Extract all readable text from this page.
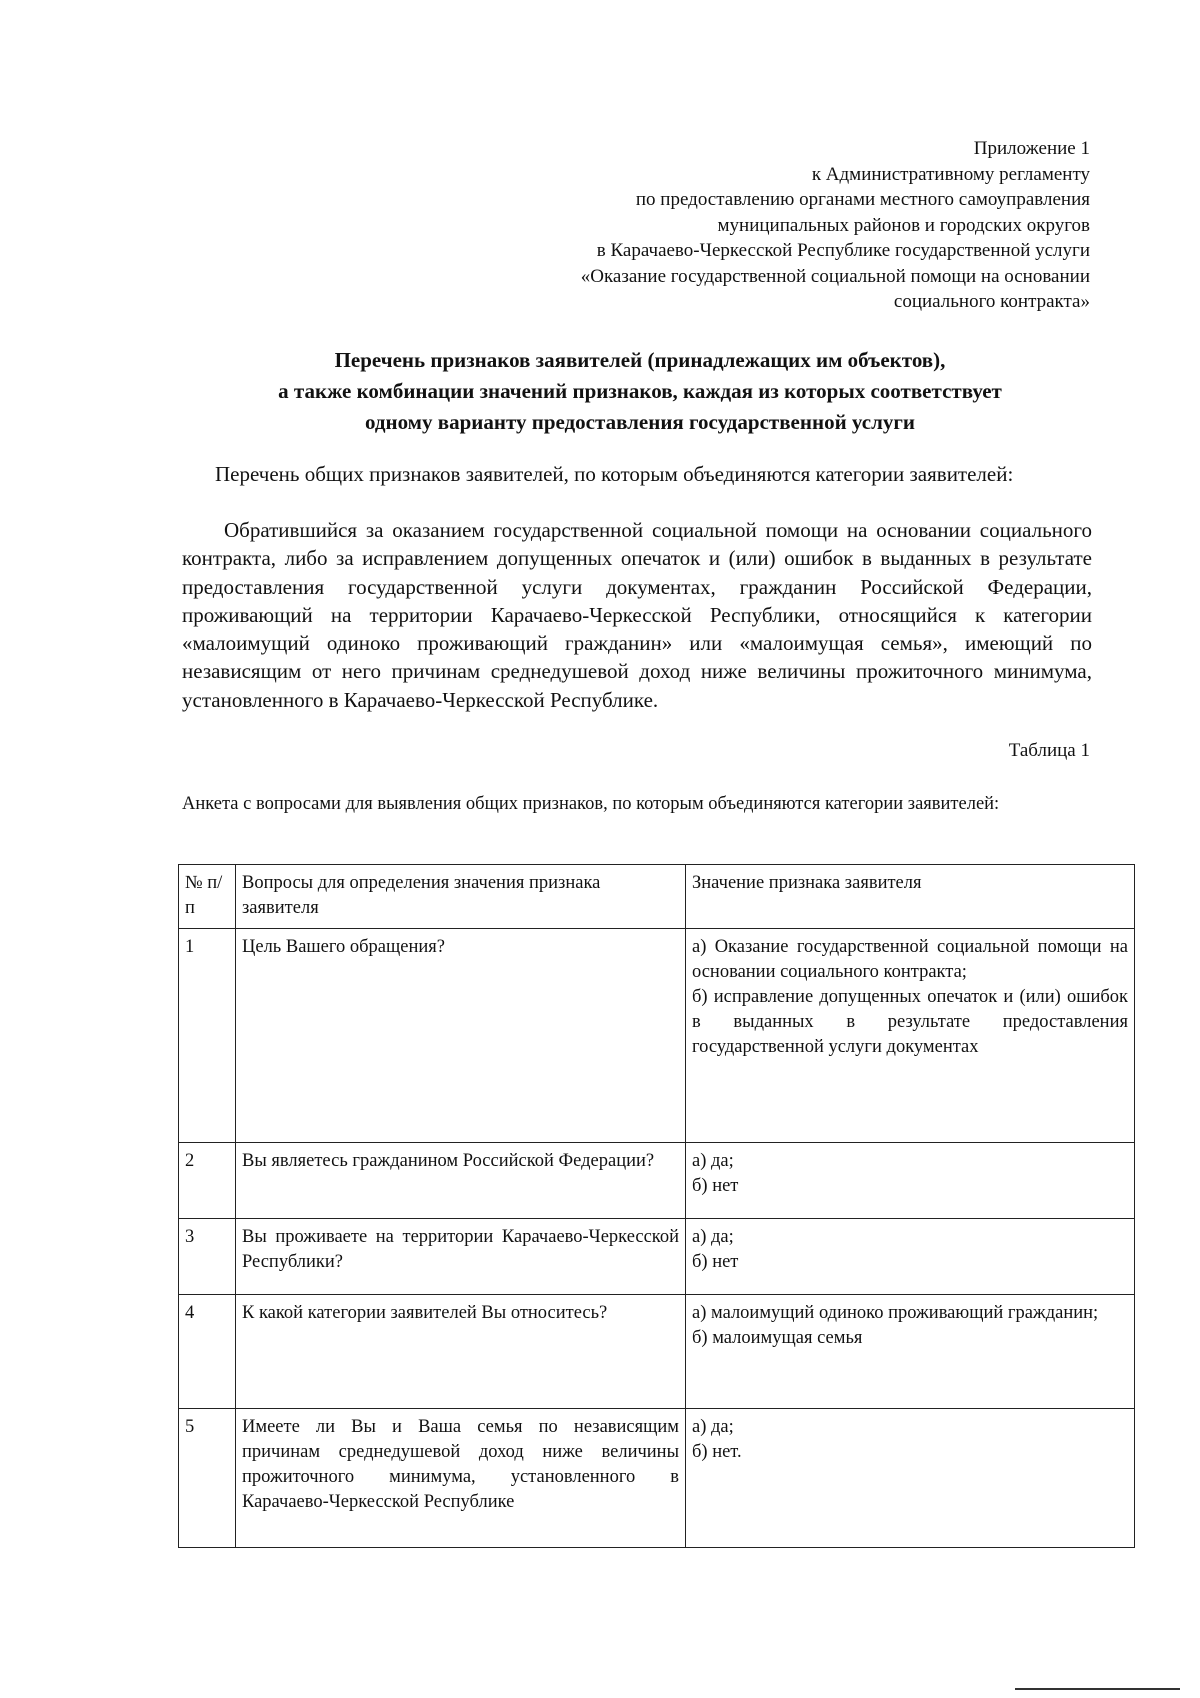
Приложение 1
к Административному регламенту
по предоставлению органами местного самоуправления
муниципальных районов и городских округов
в Карачаево-Черкесской Республике государственной услуги
«Оказание государственной социальной помощи на основании
социального контракта»
Перечень признаков заявителей (принадлежащих им объектов),
а также комбинации значений признаков, каждая из которых соответствует
одному варианту предоставления государственной услуги

Перечень общих признаков заявителей, по которым объединяются категории заявителей:

Обратившийся за оказанием государственной социальной помощи на основании социального контракта, либо за исправлением допущенных опечаток и (или) ошибок в выданных в результате предоставления государственной услуги документах, гражданин Российской Федерации, проживающий на территории Карачаево-Черкесской Республики, относящийся к категории «малоимущий одиноко проживающий гражданин» или «малоимущая семья», имеющий по независящим от него причинам среднедушевой доход ниже величины прожиточного минимума, установленного в Карачаево-Черкесской Республике.

Таблица 1

Анкета с вопросами для выявления общих признаков, по которым объединяются категории заявителей:

№ п/п	Вопросы для определения значения признака заявителя	Значение признака заявителя
1	Цель Вашего обращения?	а) Оказание государственной социальной помощи на основании социального контракта;
б) исправление допущенных опечаток и (или) ошибок в выданных в результате предоставления государственной услуги документах

2	Вы являетесь гражданином Российской Федерации?	а) да;
б) нет

3	Вы проживаете на территории Карачаево-Черкесской Республики?	а) да;
б) нет

4	К какой категории заявителей Вы относитесь?	а) малоимущий одиноко проживающий гражданин;
б) малоимущая семья

5	Имеете ли Вы и Ваша семья по независящим причинам среднедушевой доход ниже величины прожиточного минимума, установленного в Карачаево-Черкесской Республике	а) да;
б) нет.
